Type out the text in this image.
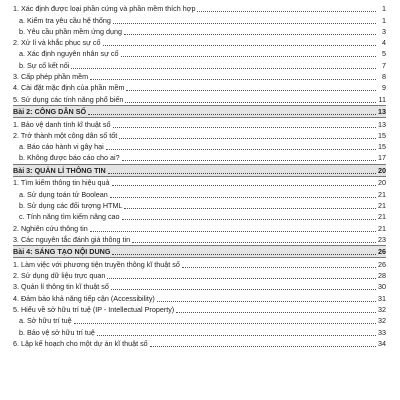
1. Xác định được loại phần cứng và phần mềm thích hợp	1
a. Kiểm tra yêu cầu hệ thống	1
b. Yêu cầu phần mềm ứng dụng	3
2. Xử lí và khắc phục sự cố	4
a. Xác định nguyên nhân sự cố	5
b. Sự cố kết nối	7
3. Cấp phép phần mềm	8
4. Cài đặt mặc định của phần mềm	9
5. Sử dụng các tính năng phổ biến	11
Bài 2: CÔNG DÂN SỐ	13
1. Bảo vệ danh tính kĩ thuật số	13
2. Trở thành một công dân số tốt	15
a. Báo cáo hành vi gây hại	15
b. Không được báo cáo cho ai?	17
Bài 3: QUẢN LÍ THÔNG TIN	20
1. Tìm kiếm thông tin hiệu quả	20
a. Sử dụng toán tử Boolean	21
b. Sử dụng các đối tượng HTML	21
c. Tính năng tìm kiếm nâng cao	21
2. Nghiên cứu thông tin	21
3. Các nguyên tắc đánh giá thông tin	23
Bài 4: SÁNG TẠO NỘI DUNG	26
1. Làm việc với phương tiện truyền thông kĩ thuật số	26
2. Sử dụng dữ liệu trực quan	28
3. Quản lí thông tin kĩ thuật số	30
4. Đảm bảo khả năng tiếp cận (Accessibility)	31
5. Hiểu về sở hữu trí tuệ (IP - Intellectual Property)	32
a. Sở hữu trí tuệ	32
b. Bảo vệ sở hữu trí tuệ	33
6. Lập kế hoạch cho một dự án kĩ thuật số	34
